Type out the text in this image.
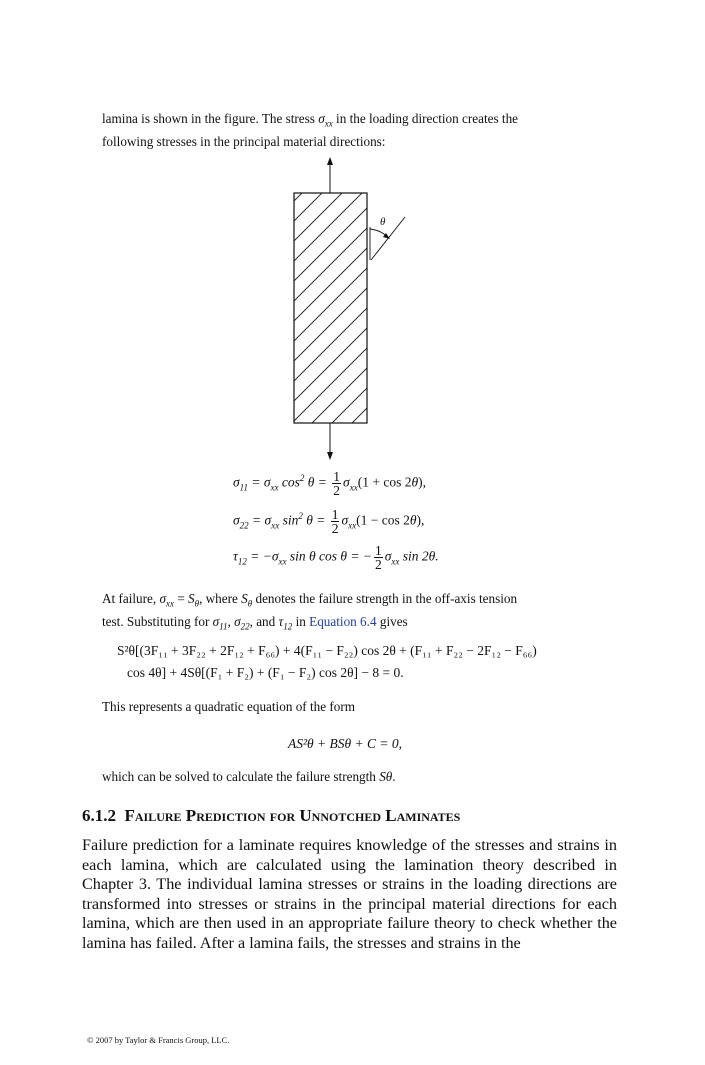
lamina is shown in the figure. The stress $\sigma_{xx}$ in the loading direction creates the
following stresses in the principal material directions:
θ
$\sigma_{11} = \sigma_{xx}$ $\cos^2 \theta = \frac{1}{2} \sigma_{xx}(1 + \cos 2\theta)$,
$\sigma_{22} = \sigma_{xx}$ $\sin^2 \theta = \frac{1}{2} \sigma_{xx}(1 - \cos 2\theta)$,
$\tau_{12} = -\sigma_{xx}$ sin θ cos θ = − $\frac{1}{2} \sigma_{xx}$ sin 2θ.
At failure, $\sigma_{xx} = S_\theta$, where $S_\theta$ denotes the failure strength in the off-axis tension
test. Substituting for $\sigma_{11}$, $\sigma_{22}$, and $\tau_{12}$ in Equation 6.4 gives
S²θ[(3F₁₁ + 3F₂₂ + 2F₁₂ + F₆₆) + 4(F₁₁ − F₂₂) cos 2θ + (F₁₁ + F₂₂ − 2F₁₂ − F₆₆)
cos 4θ] + 4Sθ[(F₁ + F₂) + (F₁ − F₂) cos 2θ] − 8 = 0.
This represents a quadratic equation of the form
AS²θ + BSθ + C = 0,
which can be solved to calculate the failure strength Sθ.
6.1.2 Failure Prediction for Unnotched Laminates
Failure prediction for a laminate requires knowledge of the stresses and strains in each lamina, which are calculated using the lamination theory described in Chapter 3. The individual lamina stresses or strains in the loading directions are transformed into stresses or strains in the principal material directions for each lamina, which are then used in an appropriate failure theory to check whether the lamina has failed. After a lamina fails, the stresses and strains in the
© 2007 by Taylor & Francis Group, LLC.
